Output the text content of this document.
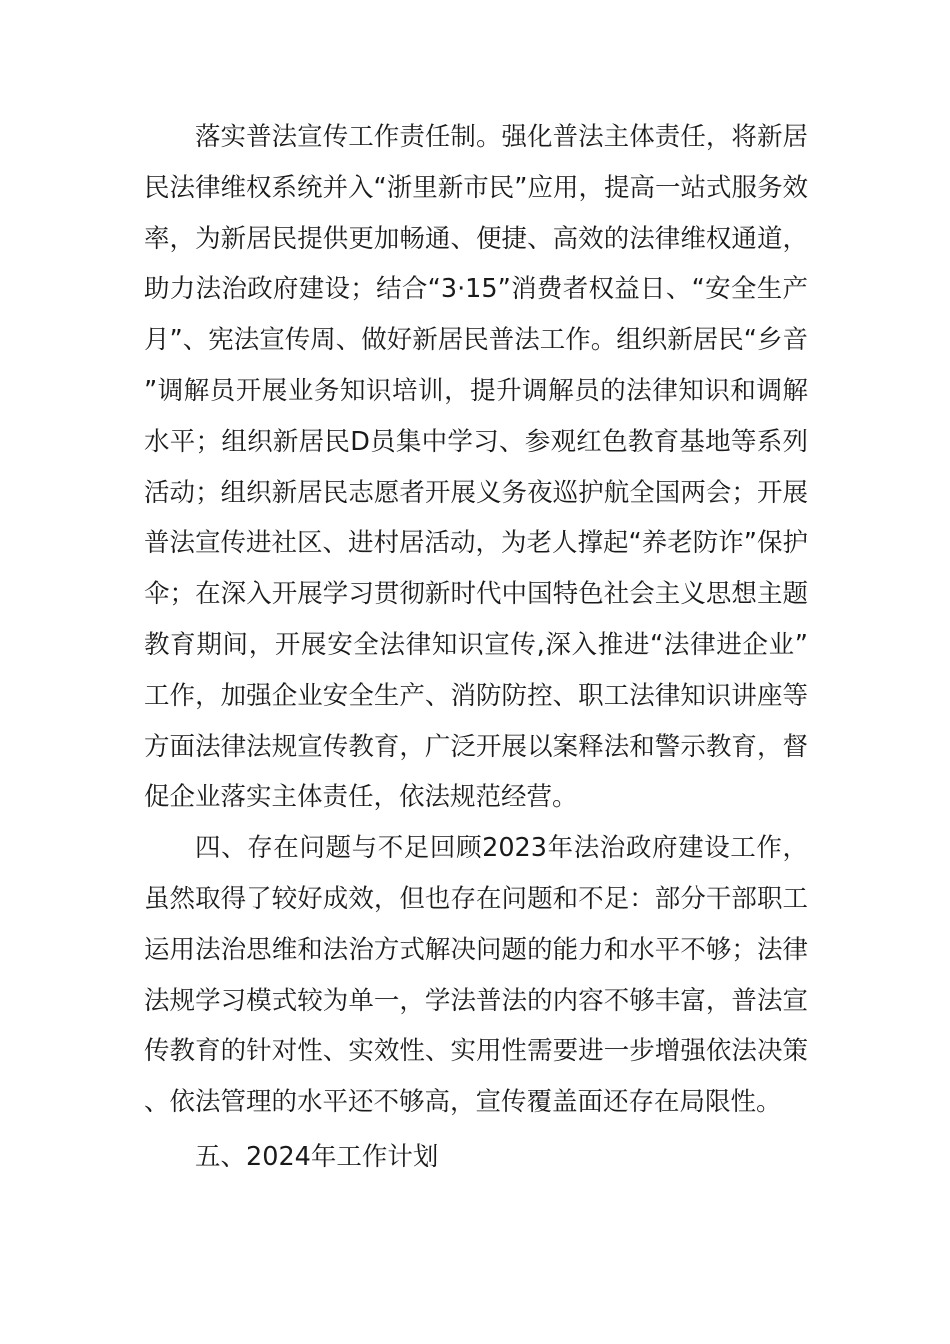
落实普法宣传工作责任制。强化普法主体责任，将新居民法律维权系统并入“浙里新市民”应用，提高一站式服务效率，为新居民提供更加畅通、便捷、高效的法律维权通道，助力法治政府建设；结合“3·15”消费者权益日、“安全生产月”、宪法宣传周、做好新居民普法工作。组织新居民“乡音”调解员开展业务知识培训，提升调解员的法律知识和调解水平；组织新居民D员集中学习、参观红色教育基地等系列活动；组织新居民志愿者开展义务夜巡护航全国两会；开展普法宣传进社区、进村居活动，为老人撑起“养老防诈”保护伞；在深入开展学习贯彻新时代中国特色社会主义思想主题教育期间，开展安全法律知识宣传,深入推进“法律进企业”工作，加强企业安全生产、消防防控、职工法律知识讲座等方面法律法规宣传教育，广泛开展以案释法和警示教育，督促企业落实主体责任，依法规范经营。

四、存在问题与不足回顾2023年法治政府建设工作，虽然取得了较好成效，但也存在问题和不足：部分干部职工运用法治思维和法治方式解决问题的能力和水平不够；法律法规学习模式较为单一，学法普法的内容不够丰富，普法宣传教育的针对性、实效性、实用性需要进一步增强依法决策、依法管理的水平还不够高，宣传覆盖面还存在局限性。

五、2024年工作计划
